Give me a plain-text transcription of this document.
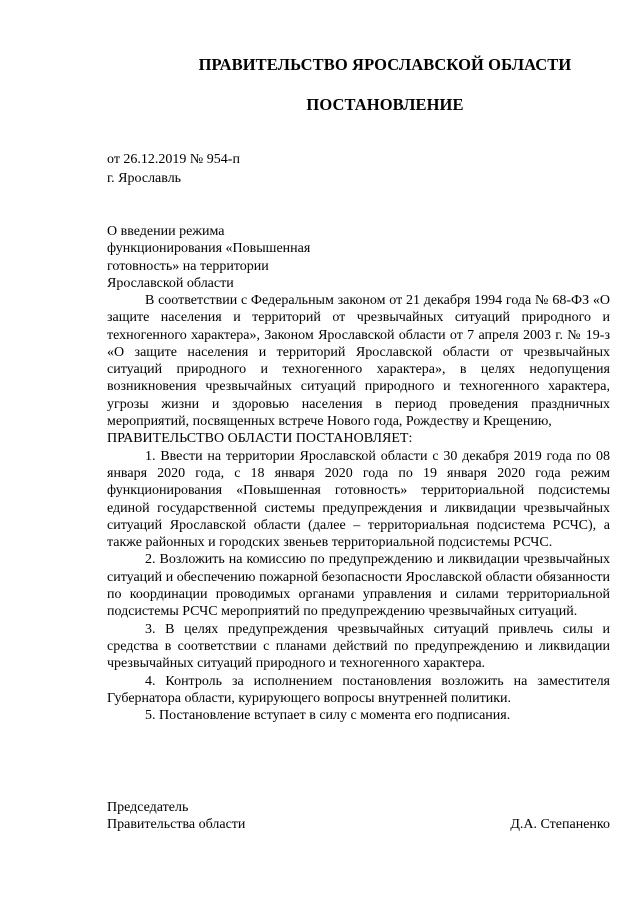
ПРАВИТЕЛЬСТВО ЯРОСЛАВСКОЙ ОБЛАСТИ
ПОСТАНОВЛЕНИЕ
от 26.12.2019 № 954-п
г. Ярославль
О введении режима
функционирования «Повышенная
готовность» на территории
Ярославской области

В соответствии с Федеральным законом от 21 декабря 1994 года № 68-ФЗ «О защите населения и территорий от чрезвычайных ситуаций природного и техногенного характера», Законом Ярославской области от 7 апреля 2003 г. № 19-з «О защите населения и территорий Ярославской области от чрезвычайных ситуаций природного и техногенного характера», в целях недопущения возникновения чрезвычайных ситуаций природного и техногенного характера, угрозы жизни и здоровью населения в период проведения праздничных мероприятий, посвященных встрече Нового года, Рождеству и Крещению,

ПРАВИТЕЛЬСТВО ОБЛАСТИ ПОСТАНОВЛЯЕТ:

1. Ввести на территории Ярославской области с 30 декабря 2019 года по 08 января 2020 года, с 18 января 2020 года по 19 января 2020 года режим функционирования «Повышенная готовность» территориальной подсистемы единой государственной системы предупреждения и ликвидации чрезвычайных ситуаций Ярославской области (далее – территориальная подсистема РСЧС), а также районных и городских звеньев территориальной подсистемы РСЧС.

2. Возложить на комиссию по предупреждению и ликвидации чрезвычайных ситуаций и обеспечению пожарной безопасности Ярославской области обязанности по координации проводимых органами управления и силами территориальной подсистемы РСЧС мероприятий по предупреждению чрезвычайных ситуаций.

3. В целях предупреждения чрезвычайных ситуаций привлечь силы и средства в соответствии с планами действий по предупреждению и ликвидации чрезвычайных ситуаций природного и техногенного характера.

4. Контроль за исполнением постановления возложить на заместителя Губернатора области, курирующего вопросы внутренней политики.

5. Постановление вступает в силу с момента его подписания.

Председатель
Правительства области	Д.А. Степаненко
